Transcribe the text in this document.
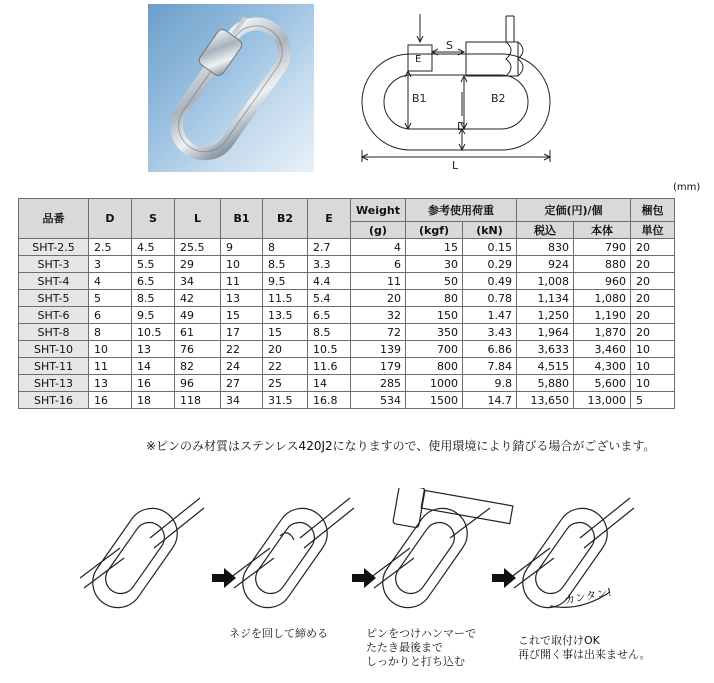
S
E
B1	B2
D
L
(mm)
品番	D	S	L	B1	B2	E	Weight	参考使用荷重		定価(円)/個		梱包
							(g)	(kgf)	(kN)	税込	本体	単位
SHT-2.5	2.5	4.5	25.5	9	8	2.7	4	15	0.15	830	790	20
SHT-3	3	5.5	29	10	8.5	3.3	6	30	0.29	924	880	20
SHT-4	4	6.5	34	11	9.5	4.4	11	50	0.49	1,008	960	20
SHT-5	5	8.5	42	13	11.5	5.4	20	80	0.78	1,134	1,080	20
SHT-6	6	9.5	49	15	13.5	6.5	32	150	1.47	1,250	1,190	20
SHT-8	8	10.5	61	17	15	8.5	72	350	3.43	1,964	1,870	20
SHT-10	10	13	76	22	20	10.5	139	700	6.86	3,633	3,460	10
SHT-11	11	14	82	24	22	11.6	179	800	7.84	4,515	4,300	10
SHT-13	13	16	96	27	25	14	285	1000	9.8	5,880	5,600	10
SHT-16	16	18	118	34	31.5	16.8	534	1500	14.7	13,650	13,000	5
※ピンのみ材質はステンレス420J2になりますので、使用環境により錆びる場合がございます。
カンタン!
ネジを回して締める	ピンをつけハンマーで
たたき最後まで
しっかりと打ち込む
これで取付けOK
再び開く事は出来ません。
